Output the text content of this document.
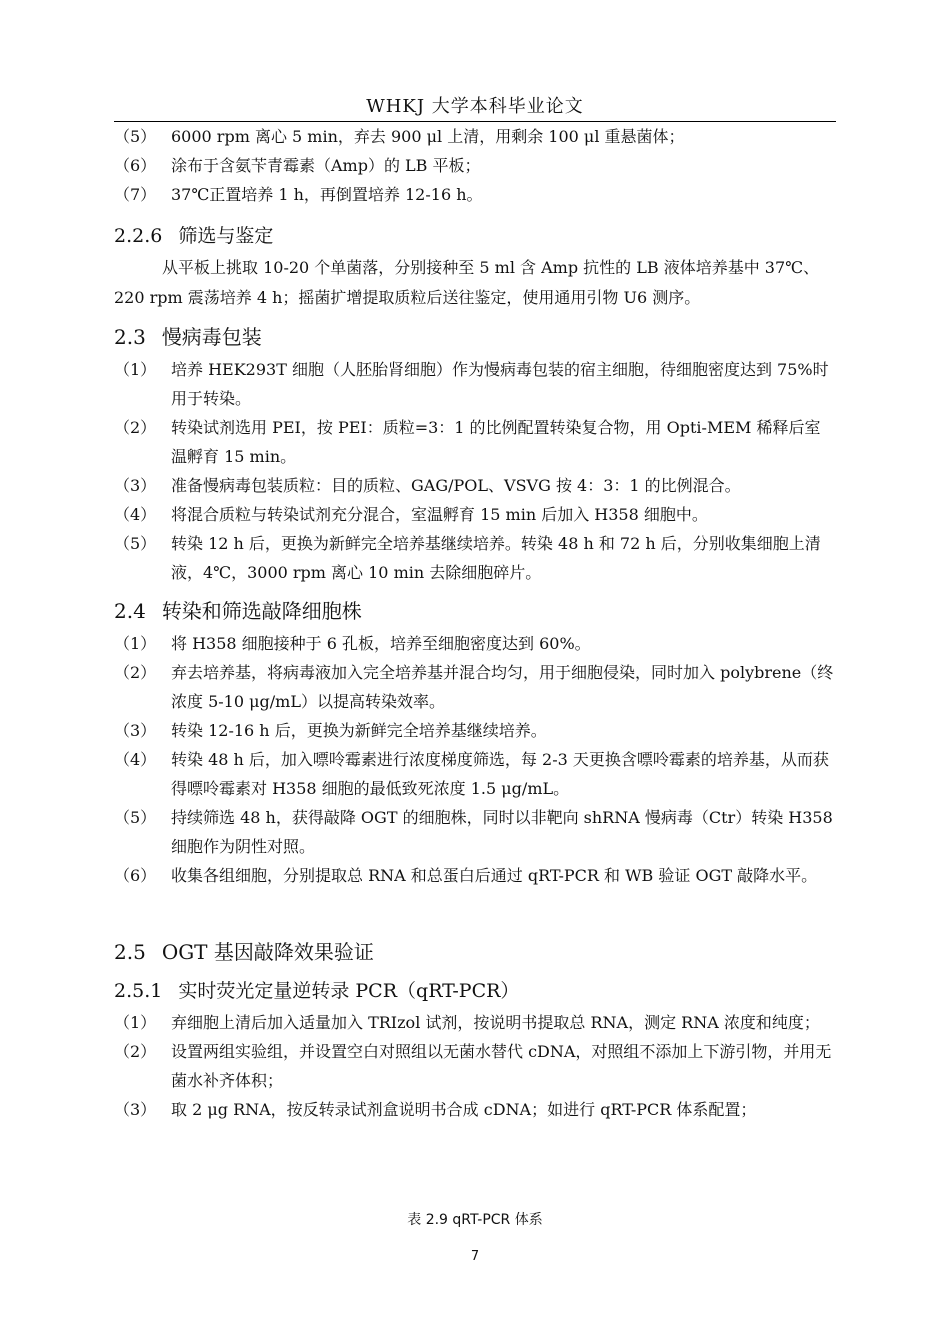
WHKJ 大学本科毕业论文
（5） 6000 rpm 离心 5 min，弃去 900 μl 上清，用剩余 100 μl 重悬菌体；
（6） 涂布于含氨苄青霉素（Amp）的 LB 平板；
（7） 37℃正置培养 1 h，再倒置培养 12-16 h。
2.2.6 筛选与鉴定
从平板上挑取 10-20 个单菌落，分别接种至 5 ml 含 Amp 抗性的 LB 液体培养基中 37℃、220 rpm 震荡培养 4 h；摇菌扩增提取质粒后送往鉴定，使用通用引物 U6 测序。
2.3 慢病毒包装
（1） 培养 HEK293T 细胞（人胚胎肾细胞）作为慢病毒包装的宿主细胞，待细胞密度达到 75%时用于转染。
（2） 转染试剂选用 PEI，按 PEI：质粒=3：1 的比例配置转染复合物，用 Opti-MEM 稀释后室温孵育 15 min。
（3） 准备慢病毒包装质粒：目的质粒、GAG/POL、VSVG 按 4：3：1 的比例混合。
（4） 将混合质粒与转染试剂充分混合，室温孵育 15 min 后加入 H358 细胞中。
（5） 转染 12 h 后，更换为新鲜完全培养基继续培养。转染 48 h 和 72 h 后，分别收集细胞上清液，4℃，3000 rpm 离心 10 min 去除细胞碎片。
2.4 转染和筛选敲降细胞株
（1） 将 H358 细胞接种于 6 孔板，培养至细胞密度达到 60%。
（2） 弃去培养基，将病毒液加入完全培养基并混合均匀，用于细胞侵染，同时加入 polybrene（终浓度 5-10 μg/mL）以提高转染效率。
（3） 转染 12-16 h 后，更换为新鲜完全培养基继续培养。
（4） 转染 48 h 后，加入嘌呤霉素进行浓度梯度筛选，每 2-3 天更换含嘌呤霉素的培养基，从而获得嘌呤霉素对 H358 细胞的最低致死浓度 1.5 μg/mL。
（5） 持续筛选 48 h，获得敲降 OGT 的细胞株，同时以非靶向 shRNA 慢病毒（Ctr）转染 H358 细胞作为阴性对照。
（6） 收集各组细胞，分别提取总 RNA 和总蛋白后通过 qRT-PCR 和 WB 验证 OGT 敲降水平。
2.5 OGT 基因敲降效果验证
2.5.1 实时荧光定量逆转录 PCR（qRT-PCR）
（1） 弃细胞上清后加入适量加入 TRIzol 试剂，按说明书提取总 RNA，测定 RNA 浓度和纯度；
（2） 设置两组实验组，并设置空白对照组以无菌水替代 cDNA，对照组不添加上下游引物，并用无菌水补齐体积；
（3） 取 2 μg RNA，按反转录试剂盒说明书合成 cDNA；如进行 qRT-PCR 体系配置；
表 2.9 qRT-PCR 体系
7
